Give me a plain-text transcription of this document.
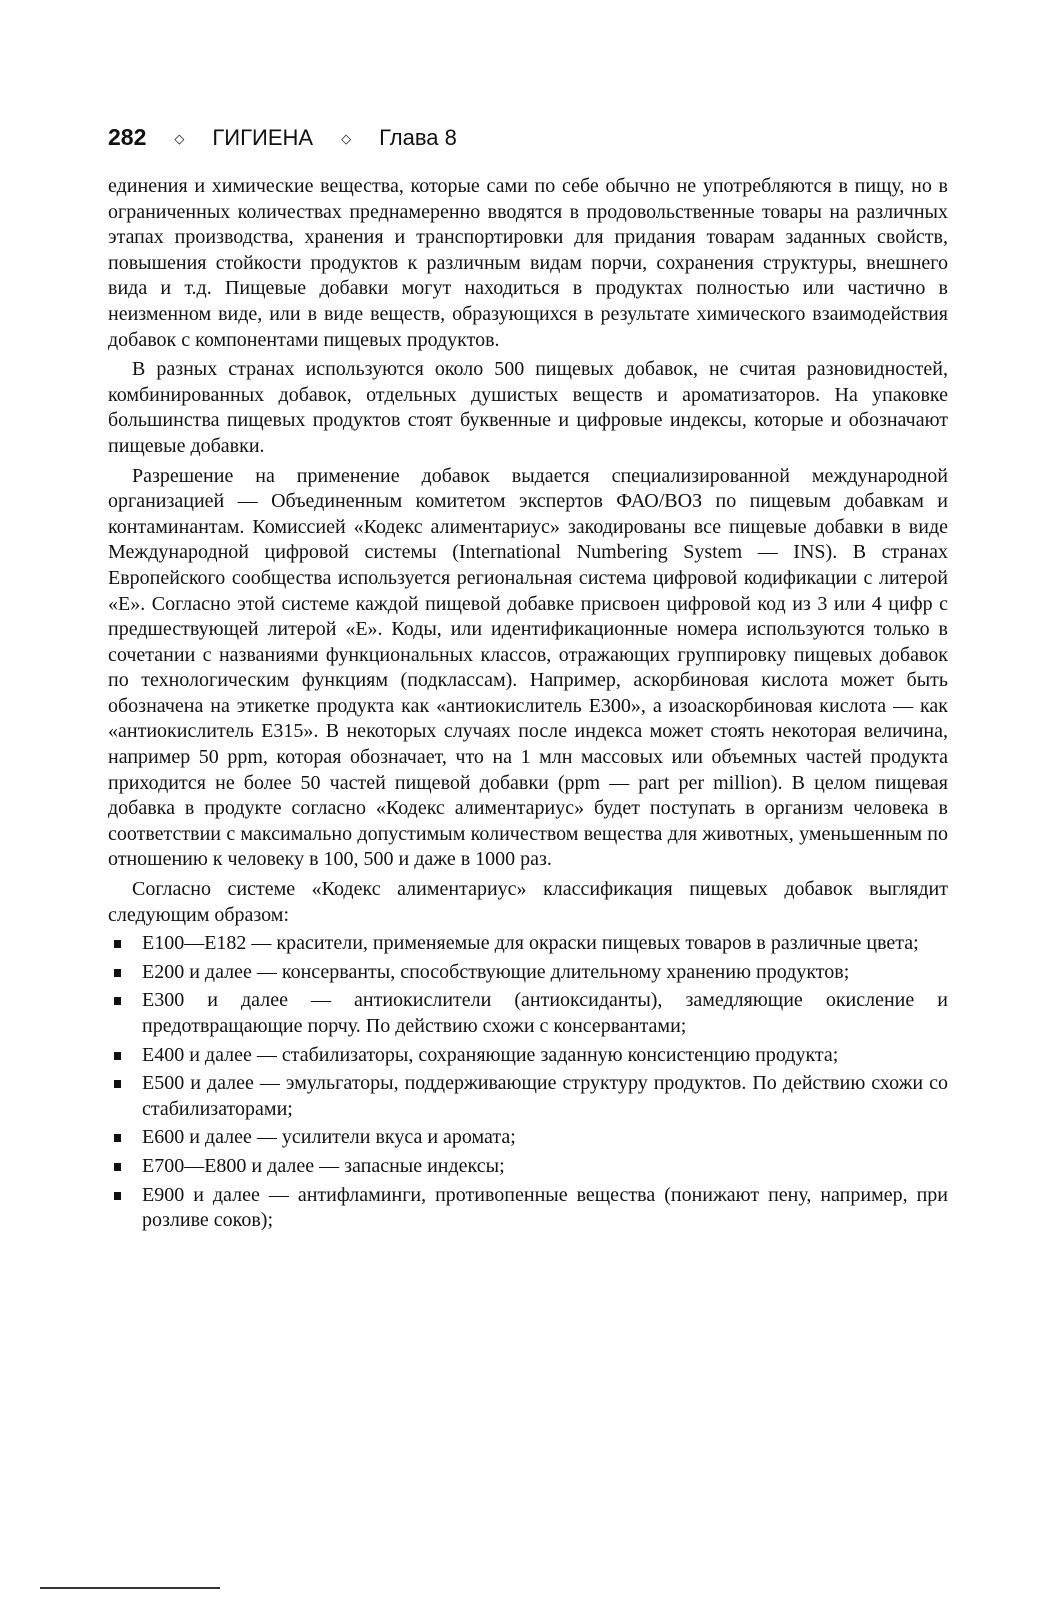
282 ◇ ГИГИЕНА ◇ Глава 8

единения и химические вещества, которые сами по себе обычно не употребляются в пищу, но в ограниченных количествах преднамеренно вводятся в продовольственные товары на различных этапах производства, хранения и транспортировки для придания товарам заданных свойств, повышения стойкости продуктов к различным видам порчи, сохранения структуры, внешнего вида и т.д. Пищевые добавки могут находиться в продуктах полностью или частично в неизменном виде, или в виде веществ, образующихся в результате химического взаимодействия добавок с компонентами пищевых продуктов.

В разных странах используются около 500 пищевых добавок, не считая разновидностей, комбинированных добавок, отдельных душистых веществ и ароматизаторов. На упаковке большинства пищевых продуктов стоят буквенные и цифровые индексы, которые и обозначают пищевые добавки.

Разрешение на применение добавок выдается специализированной международной организацией — Объединенным комитетом экспертов ФАО/ВОЗ по пищевым добавкам и контаминантам. Комиссией «Кодекс алиментариус» закодированы все пищевые добавки в виде Международной цифровой системы (International Numbering System — INS). В странах Европейского сообщества используется региональная система цифровой кодификации с литерой «Е». Согласно этой системе каждой пищевой добавке присвоен цифровой код из 3 или 4 цифр с предшествующей литерой «Е». Коды, или идентификационные номера используются только в сочетании с названиями функциональных классов, отражающих группировку пищевых добавок по технологическим функциям (подклассам). Например, аскорбиновая кислота может быть обозначена на этикетке продукта как «антиокислитель Е300», а изоаскорбиновая кислота — как «антиокислитель Е315». В некоторых случаях после индекса может стоять некоторая величина, например 50 ppm, которая обозначает, что на 1 млн массовых или объемных частей продукта приходится не более 50 частей пищевой добавки (ppm — part per million). В целом пищевая добавка в продукте согласно «Кодекс алиментариус» будет поступать в организм человека в соответствии с максимально допустимым количеством вещества для животных, уменьшенным по отношению к человеку в 100, 500 и даже в 1000 раз.

Согласно системе «Кодекс алиментариус» классификация пищевых добавок выглядит следующим образом:

Е100—Е182 — красители, применяемые для окраски пищевых товаров в различные цвета;
Е200 и далее — консерванты, способствующие длительному хранению продуктов;
Е300 и далее — антиокислители (антиоксиданты), замедляющие окисление и предотвращающие порчу. По действию схожи с консервантами;
Е400 и далее — стабилизаторы, сохраняющие заданную консистенцию продукта;
Е500 и далее — эмульгаторы, поддерживающие структуру продуктов. По действию схожи со стабилизаторами;
Е600 и далее — усилители вкуса и аромата;
Е700—Е800 и далее — запасные индексы;
Е900 и далее — антифламинги, противопенные вещества (понижают пену, например, при розливе соков);
